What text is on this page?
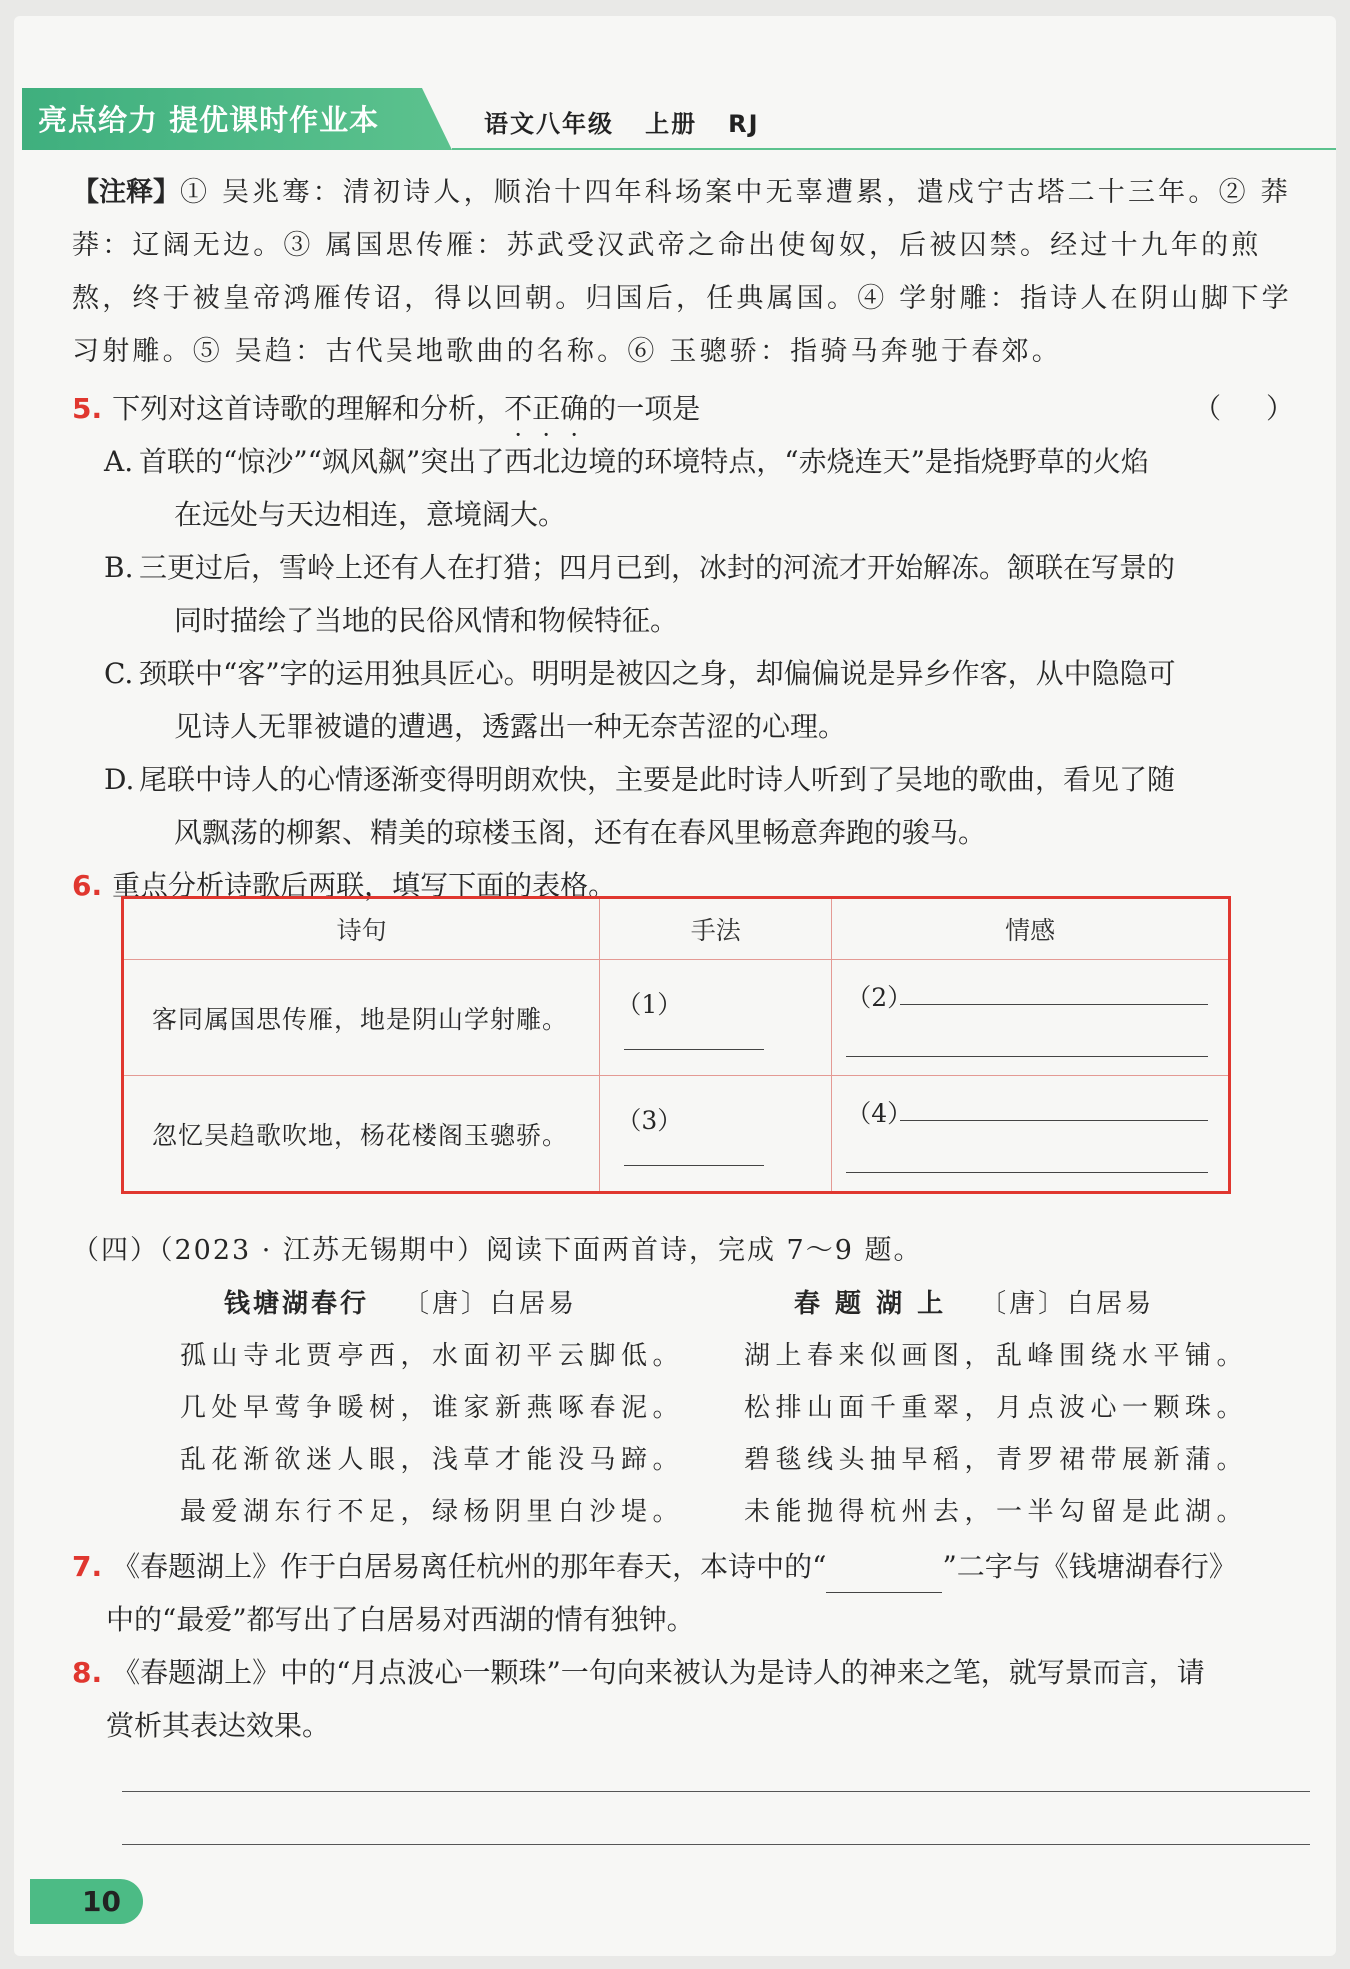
亮点给力 提优课时作业本	语文八年级   上册   RJ
【注释】① 吴兆骞：清初诗人，顺治十四年科场案中无辜遭累，遣戍宁古塔二十三年。② 莽莽：辽阔无边。③ 属国思传雁：苏武受汉武帝之命出使匈奴，后被囚禁。经过十九年的煎熬，终于被皇帝鸿雁传诏，得以回朝。归国后，任典属国。④ 学射雕：指诗人在阴山脚下学习射雕。⑤ 吴趋：古代吴地歌曲的名称。⑥ 玉骢骄：指骑马奔驰于春郊。
5. 下列对这首诗歌的理解和分析，不正确的一项是	（ ）
A. 首联的“惊沙”“飒风飙”突出了西北边境的环境特点，“赤烧连天”是指烧野草的火焰
在远处与天边相连，意境阔大。
B. 三更过后，雪岭上还有人在打猎；四月已到，冰封的河流才开始解冻。颔联在写景的
同时描绘了当地的民俗风情和物候特征。
C. 颈联中“客”字的运用独具匠心。明明是被囚之身，却偏偏说是异乡作客，从中隐隐可
见诗人无罪被谴的遭遇，透露出一种无奈苦涩的心理。
D. 尾联中诗人的心情逐渐变得明朗欢快，主要是此时诗人听到了吴地的歌曲，看见了随
风飘荡的柳絮、精美的琼楼玉阁，还有在春风里畅意奔跑的骏马。
6. 重点分析诗歌后两联，填写下面的表格。
诗句	手法	情感
客同属国思传雁，地是阴山学射雕。	（1）	（2）

忽忆吴趋歌吹地，杨花楼阁玉骢骄。	（3）	（4）
（四）（2023 · 江苏无锡期中）阅读下面两首诗，完成 7～9 题。
钱塘湖春行 〔唐〕白居易
孤山寺北贾亭西，水面初平云脚低。
几处早莺争暖树，谁家新燕啄春泥。
乱花渐欲迷人眼，浅草才能没马蹄。
最爱湖东行不足，绿杨阴里白沙堤。
春 题 湖 上 〔唐〕白居易
湖上春来似画图，乱峰围绕水平铺。
松排山面千重翠，月点波心一颗珠。
碧毯线头抽早稻，青罗裙带展新蒲。
未能抛得杭州去，一半勾留是此湖。
7. 《春题湖上》作于白居易离任杭州的那年春天，本诗中的“	”二字与《钱塘湖春行》
中的“最爱”都写出了白居易对西湖的情有独钟。
8. 《春题湖上》中的“月点波心一颗珠”一句向来被认为是诗人的神来之笔，就写景而言，请
赏析其表达效果。
10
